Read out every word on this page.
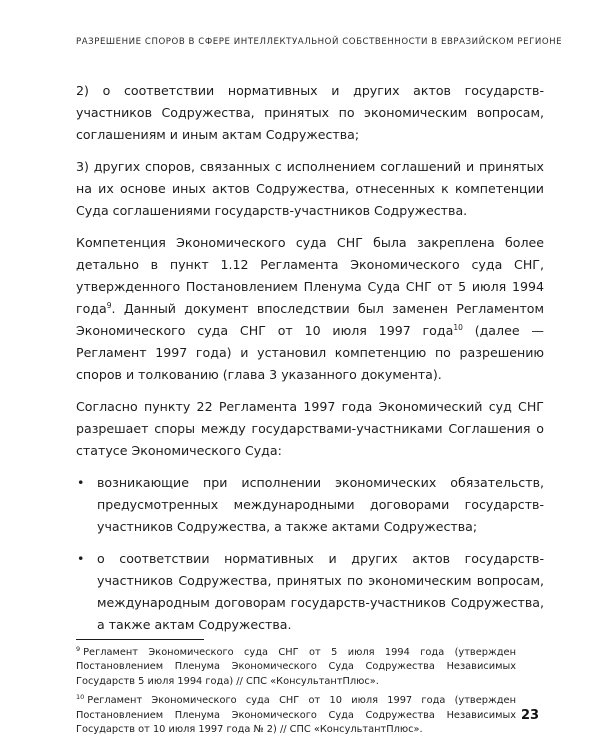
РАЗРЕШЕНИЕ СПОРОВ В СФЕРЕ ИНТЕЛЛЕКТУАЛЬНОЙ СОБСТВЕННОСТИ В ЕВРАЗИЙСКОМ РЕГИОНЕ

2) о соответствии нормативных и других актов государств-участников Содружества, принятых по экономическим вопросам, соглашениям и иным актам Содружества;

3) других споров, связанных с исполнением соглашений и принятых на их основе иных актов Содружества, отнесенных к компетенции Суда соглашениями государств-участников Содружества.

Компетенция Экономического суда СНГ была закреплена более детально в пункт 1.12 Регламента Экономического суда СНГ, утвержденного Постановлением Пленума Суда СНГ от 5 июля 1994 года$^9$. Данный документ впоследствии был заменен Регламентом Экономического суда СНГ от 10 июля 1997 года$^{10}$ (далее — Регламент 1997 года) и установил компетенцию по разрешению споров и толкованию (глава 3 указанного документа).

Согласно пункту 22 Регламента 1997 года Экономический суд СНГ разрешает споры между государствами-участниками Соглашения о статусе Экономического Суда:

• возникающие при исполнении экономических обязательств, предусмотренных международными договорами государств-участников Содружества, а также актами Содружества;
• о соответствии нормативных и других актов государств-участников Содружества, принятых по экономическим вопросам, международным договорам государств-участников Содружества, а также актам Содружества.

$^9$ Регламент Экономического суда СНГ от 5 июля 1994 года (утвержден Постановлением Пленума Экономического Суда Содружества Независимых Государств 5 июля 1994 года) // СПС «КонсультантПлюс».

$^{10}$ Регламент Экономического суда СНГ от 10 июля 1997 года (утвержден Постановлением Пленума Экономического Суда Содружества Независимых Государств от 10 июля 1997 года № 2) // СПС «КонсультантПлюс».

23
